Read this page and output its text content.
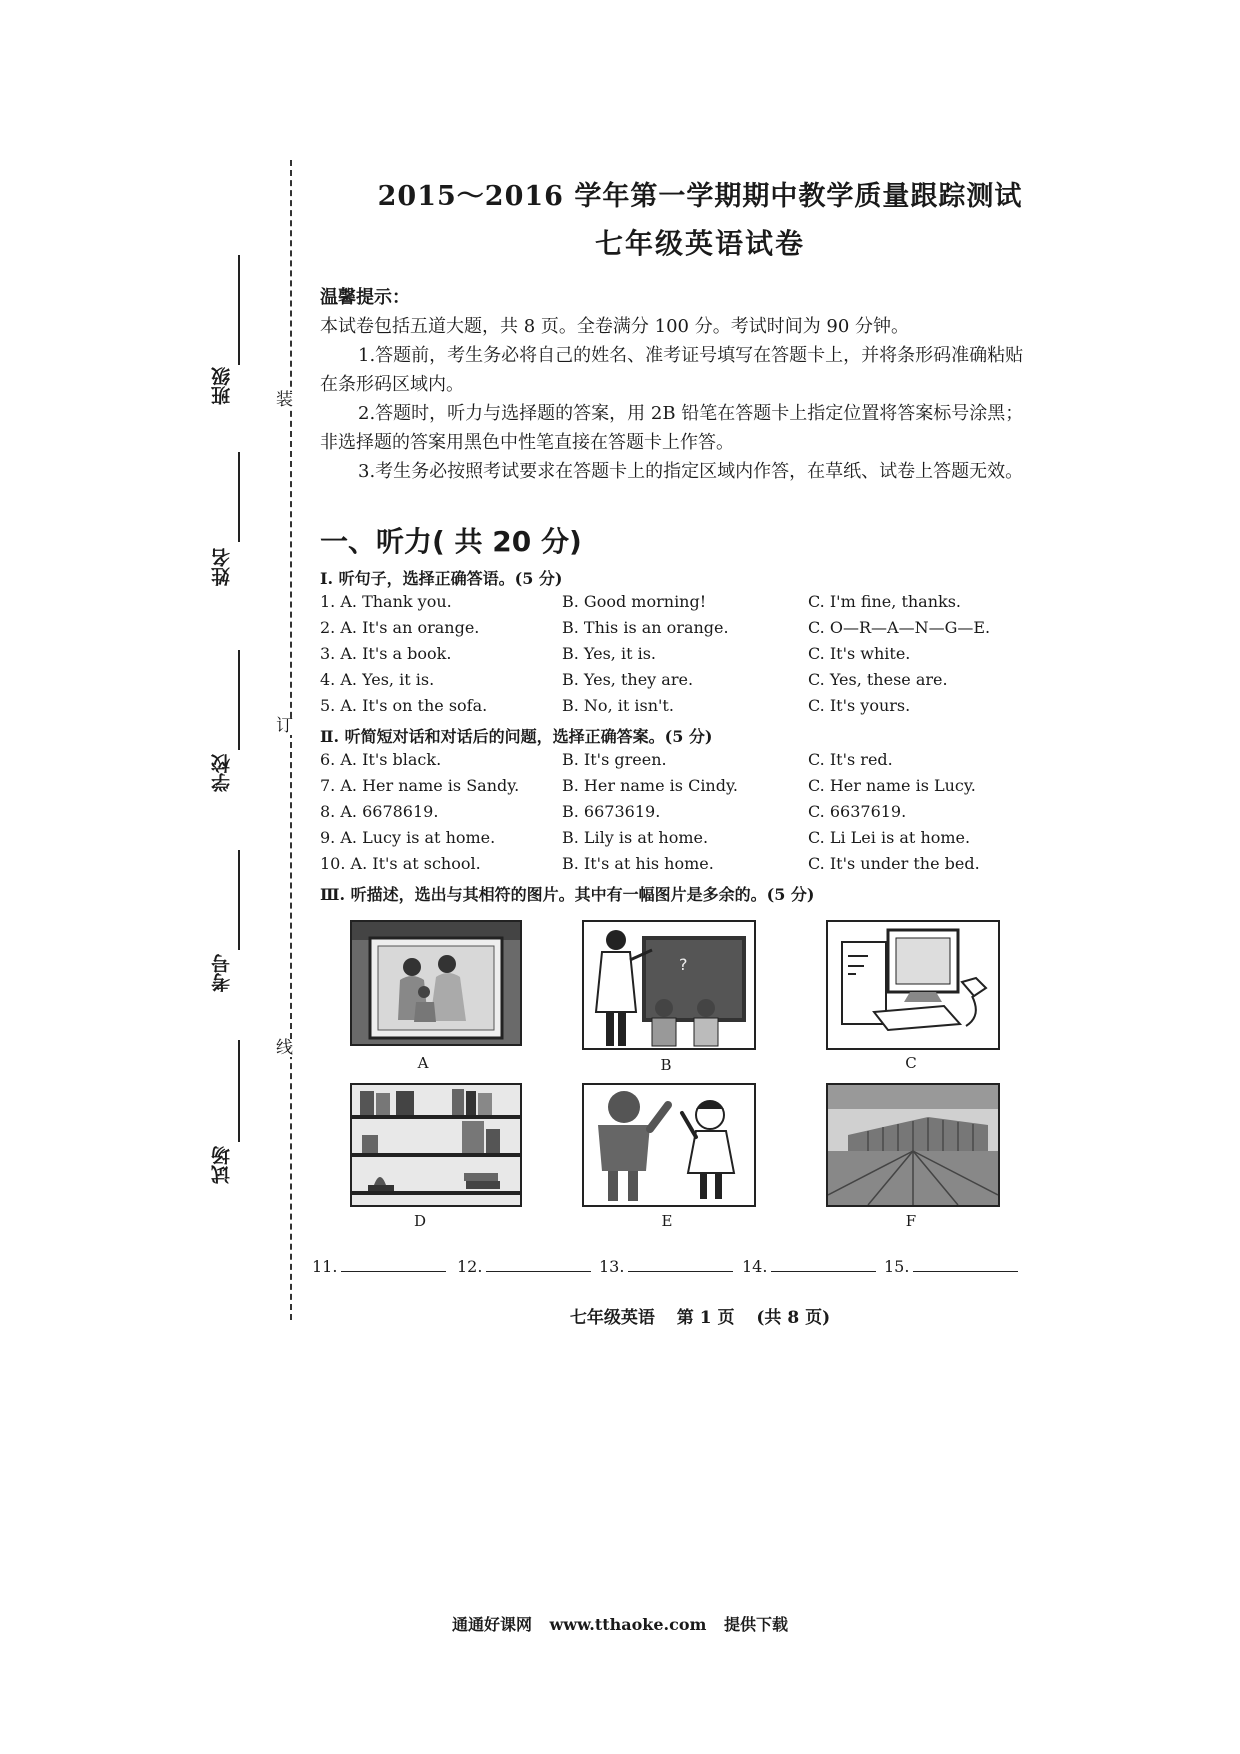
装
订
线
班级
姓名
学校
考号
试场
2015～2016 学年第一学期期中教学质量跟踪测试
七年级英语试卷

温馨提示：

本试卷包括五道大题，共 8 页。全卷满分 100 分。考试时间为 90 分钟。

1.答题前，考生务必将自己的姓名、准考证号填写在答题卡上，并将条形码准确粘贴在条形码区域内。

2.答题时，听力与选择题的答案，用 2B 铅笔在答题卡上指定位置将答案标号涂黑；非选择题的答案用黑色中性笔直接在答题卡上作答。

3.考生务必按照考试要求在答题卡上的指定区域内作答，在草纸、试卷上答题无效。

一、听力( 共 20 分)
Ⅰ. 听句子，选择正确答语。(5 分)
1. A. Thank you.	B. Good morning!	C. I'm fine, thanks.
2. A. It's an orange.	B. This is an orange.	C. O—R—A—N—G—E.
3. A. It's a book.	B. Yes, it is.	C. It's white.
4. A. Yes, it is.	B. Yes, they are.	C. Yes, these are.
5. A. It's on the sofa.	B. No, it isn't.	C. It's yours.
Ⅱ. 听简短对话和对话后的问题，选择正确答案。(5 分)
6. A. It's black.	B. It's green.	C. It's red.
7. A. Her name is Sandy.	B. Her name is Cindy.	C. Her name is Lucy.
8. A. 6678619.	B. 6673619.	C. 6637619.
9. A. Lucy is at home.	B. Lily is at home.	C. Li Lei is at home.
10. A. It's at school.	B. It's at his home.	C. It's under the bed.
Ⅲ. 听描述，选出与其相符的图片。其中有一幅图片是多余的。(5 分)
A
?
B	C
D	E	F
11.	12.	13.	14.	15.
七年级英语 第 1 页 (共 8 页)
通通好课网 www.tthaoke.com 提供下载
